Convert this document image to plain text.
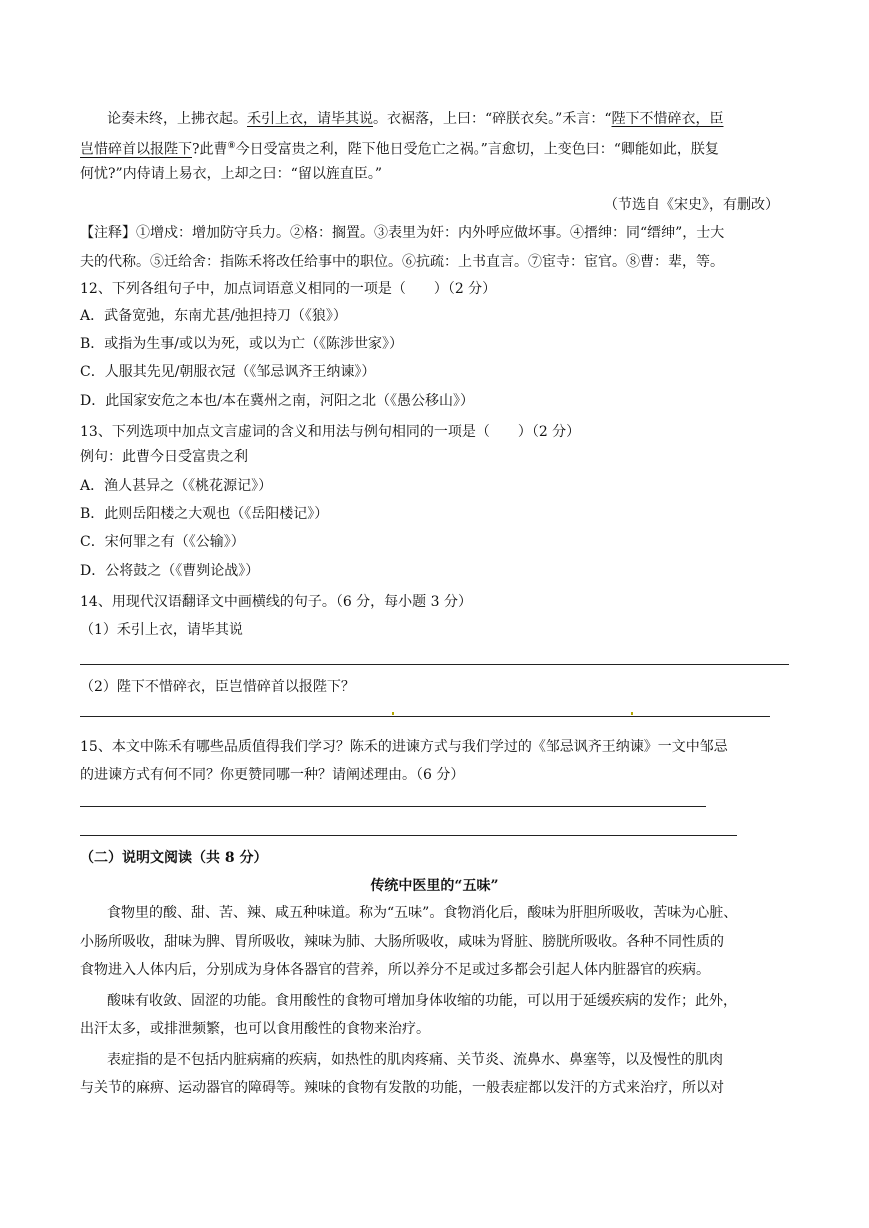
论奏未终，上拂衣起。禾引上衣，请毕其说。衣裾落，上曰：“碎朕衣矣。”禾言：“陛下不惜碎衣，臣
岂惜碎首以报陛下?此曹⑧今日受富贵之利，陛下他日受危亡之祸。”言愈切，上变色曰：“卿能如此，朕复
何忧?”内侍请上易衣，上却之曰：“留以旌直臣。”
（节选自《宋史》，有删改）
【注释】①增戍：增加防守兵力。②格：搁置。③表里为奸：内外呼应做坏事。④搢绅：同“缙绅”，士大
夫的代称。⑤迁给舍：指陈禾将改任给事中的职位。⑥抗疏：上书直言。⑦宦寺：宦官。⑧曹：辈，等。
12、下列各组句子中，加点词语意义相同的一项是（　　）（2 分）
A．武备宽弛，东南尤甚/弛担持刀（《狼》）
B．或指为生事/或以为死，或以为亡（《陈涉世家》）
C．人服其先见/朝服衣冠（《邹忌讽齐王纳谏》）
D．此国家安危之本也/本在冀州之南，河阳之北（《愚公移山》）
13、下列选项中加点文言虚词的含义和用法与例句相同的一项是（　　）（2 分）
例句：此曹今日受富贵之利
A．渔人甚异之（《桃花源记》）
B．此则岳阳楼之大观也（《岳阳楼记》）
C．宋何罪之有（《公输》）
D．公将鼓之（《曹刿论战》）
14、用现代汉语翻译文中画横线的句子。（6 分，每小题 3 分）
（1）禾引上衣，请毕其说
（2）陛下不惜碎衣，臣岂惜碎首以报陛下？
15、本文中陈禾有哪些品质值得我们学习？陈禾的进谏方式与我们学过的《邹忌讽齐王纳谏》一文中邹忌
的进谏方式有何不同？你更赞同哪一种？请阐述理由。（6 分）
（二）说明文阅读（共 8 分）
传统中医里的“五味”
食物里的酸、甜、苦、辣、咸五种味道。称为“五味”。食物消化后，酸味为肝胆所吸收，苦味为心脏、
小肠所吸收，甜味为脾、胃所吸收，辣味为肺、大肠所吸收，咸味为肾脏、膀胱所吸收。各种不同性质的
食物进入人体内后，分别成为身体各器官的营养，所以养分不足或过多都会引起人体内脏器官的疾病。
酸味有收敛、固涩的功能。食用酸性的食物可增加身体收缩的功能，可以用于延缓疾病的发作；此外，
出汗太多，或排泄频繁，也可以食用酸性的食物来治疗。
表症指的是不包括内脏病痛的疾病，如热性的肌肉疼痛、关节炎、流鼻水、鼻塞等，以及慢性的肌肉
与关节的麻痹、运动器官的障碍等。辣味的食物有发散的功能，一般表症都以发汗的方式来治疗，所以对
